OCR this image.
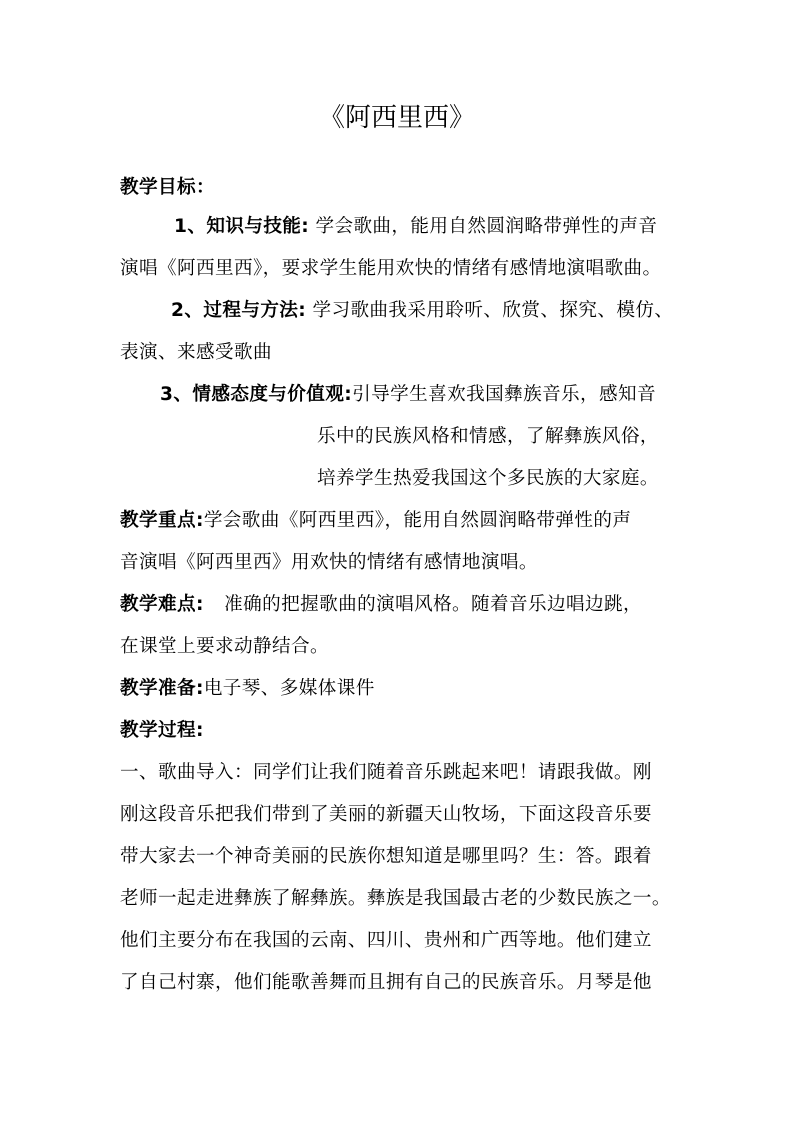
《阿西里西》
教学目标：
1、知识与技能: 学会歌曲，能用自然圆润略带弹性的声音
演唱《阿西里西》，要求学生能用欢快的情绪有感情地演唱歌曲。
2、过程与方法: 学习歌曲我采用聆听、欣赏、探究、模仿、
表演、来感受歌曲
3、情感态度与价值观:引导学生喜欢我国彝族音乐，感知音
乐中的民族风格和情感，了解彝族风俗，
培养学生热爱我国这个多民族的大家庭。
教学重点:学会歌曲《阿西里西》，能用自然圆润略带弹性的声
音演唱《阿西里西》用欢快的情绪有感情地演唱。
教学难点: 准确的把握歌曲的演唱风格。随着音乐边唱边跳，
在课堂上要求动静结合。
教学准备:电子琴、多媒体课件
教学过程:
一、歌曲导入：同学们让我们随着音乐跳起来吧！请跟我做。刚
刚这段音乐把我们带到了美丽的新疆天山牧场，下面这段音乐要
带大家去一个神奇美丽的民族你想知道是哪里吗？生：答。跟着
老师一起走进彝族了解彝族。彝族是我国最古老的少数民族之一。
他们主要分布在我国的云南、四川、贵州和广西等地。他们建立
了自己村寨，他们能歌善舞而且拥有自己的民族音乐。月琴是他
